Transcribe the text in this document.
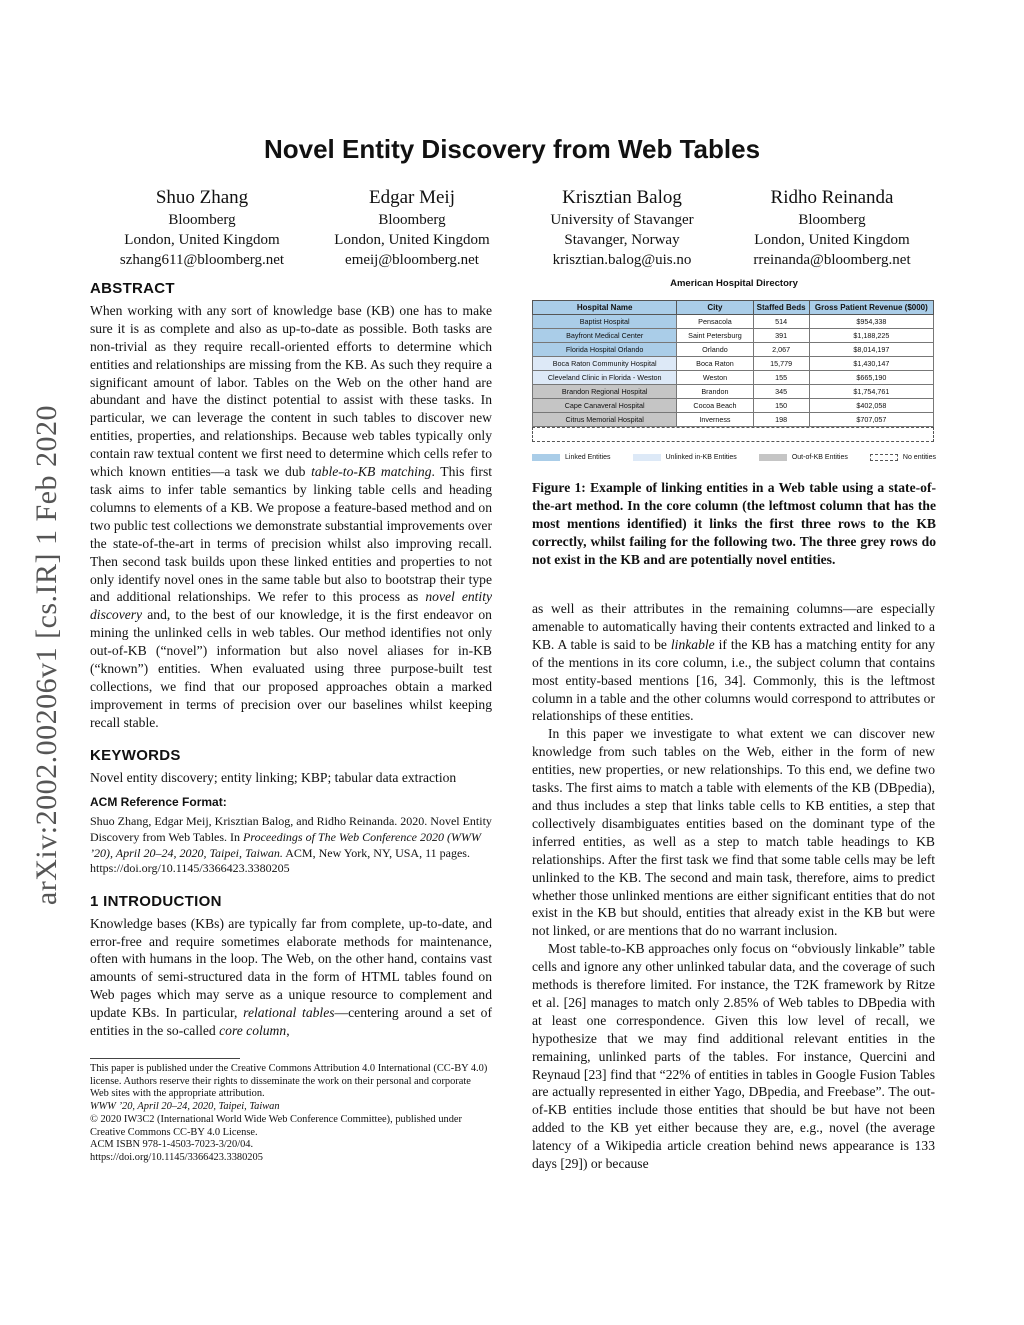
arXiv:2002.00206v1 [cs.IR] 1 Feb 2020
Novel Entity Discovery from Web Tables
Shuo Zhang
Bloomberg
London, United Kingdom
szhang611@bloomberg.net
Edgar Meij
Bloomberg
London, United Kingdom
emeij@bloomberg.net
Krisztian Balog
University of Stavanger
Stavanger, Norway
krisztian.balog@uis.no
Ridho Reinanda
Bloomberg
London, United Kingdom
rreinanda@bloomberg.net
ABSTRACT

When working with any sort of knowledge base (KB) one has to make sure it is as complete and also as up-to-date as possible. Both tasks are non-trivial as they require recall-oriented efforts to determine which entities and relationships are missing from the KB. As such they require a significant amount of labor. Tables on the Web on the other hand are abundant and have the distinct potential to assist with these tasks. In particular, we can leverage the content in such tables to discover new entities, properties, and relationships. Because web tables typically only contain raw textual content we first need to determine which cells refer to which known entities—a task we dub table-to-KB matching. This first task aims to infer table semantics by linking table cells and heading columns to elements of a KB. We propose a feature-based method and on two public test collections we demonstrate substantial improvements over the state-of-the-art in terms of precision whilst also improving recall. Then second task builds upon these linked entities and properties to not only identify novel ones in the same table but also to bootstrap their type and additional relationships. We refer to this process as novel entity discovery and, to the best of our knowledge, it is the first endeavor on mining the unlinked cells in web tables. Our method identifies not only out-of-KB (“novel”) information but also novel aliases for in-KB (“known”) entities. When evaluated using three purpose-built test collections, we find that our proposed approaches obtain a marked improvement in terms of precision over our baselines whilst keeping recall stable.

KEYWORDS

Novel entity discovery; entity linking; KBP; tabular data extraction

ACM Reference Format:

Shuo Zhang, Edgar Meij, Krisztian Balog, and Ridho Reinanda. 2020. Novel Entity Discovery from Web Tables. In Proceedings of The Web Conference 2020 (WWW ’20), April 20–24, 2020, Taipei, Taiwan. ACM, New York, NY, USA, 11 pages. https://doi.org/10.1145/3366423.3380205

1 INTRODUCTION

Knowledge bases (KBs) are typically far from complete, up-to-date, and error-free and require sometimes elaborate methods for maintenance, often with humans in the loop. The Web, on the other hand, contains vast amounts of semi-structured data in the form of HTML tables found on Web pages which may serve as a unique resource to complement and update KBs. In particular, relational tables—centering around a set of entities in the so-called core column,

This paper is published under the Creative Commons Attribution 4.0 International (CC-BY 4.0) license. Authors reserve their rights to disseminate the work on their personal and corporate Web sites with the appropriate attribution.
WWW ’20, April 20–24, 2020, Taipei, Taiwan
© 2020 IW3C2 (International World Wide Web Conference Committee), published under Creative Commons CC-BY 4.0 License.
ACM ISBN 978-1-4503-7023-3/20/04.
https://doi.org/10.1145/3366423.3380205
American Hospital Directory
Hospital Name	City	Staffed Beds	Gross Patient Revenue ($000)
Baptist Hospital	Pensacola	514	$954,338
Bayfront Medical Center	Saint Petersburg	391	$1,188,225
Florida Hospital Orlando	Orlando	2,067	$8,014,197
Boca Raton Community Hospital	Boca Raton	15,779	$1,430,147
Cleveland Clinic in Florida - Weston	Weston	155	$665,190
Brandon Regional Hospital	Brandon	345	$1,754,761
Cape Canaveral Hospital	Cocoa Beach	150	$402,058
Citrus Memorial Hospital	Inverness	198	$707,057
Linked Entities	Unlinked in-KB Entities	Out-of-KB Entities	No entities
Figure 1: Example of linking entities in a Web table using a state-of-the-art method. In the core column (the leftmost column that has the most mentions identified) it links the first three rows to the KB correctly, whilst failing for the following two. The three grey rows do not exist in the KB and are potentially novel entities.

as well as their attributes in the remaining columns—are especially amenable to automatically having their contents extracted and linked to a KB. A table is said to be linkable if the KB has a matching entity for any of the mentions in its core column, i.e., the subject column that contains most entity-based mentions [16, 34]. Commonly, this is the leftmost column in a table and the other columns would correspond to attributes or relationships of these entities.

In this paper we investigate to what extent we can discover new knowledge from such tables on the Web, either in the form of new entities, new properties, or new relationships. To this end, we define two tasks. The first aims to match a table with elements of the KB (DBpedia), and thus includes a step that links table cells to KB entities, a step that collectively disambiguates entities based on the dominant type of the inferred entities, as well as a step to match table headings to KB relationships. After the first task we find that some table cells may be left unlinked to the KB. The second and main task, therefore, aims to predict whether those unlinked mentions are either significant entities that do not exist in the KB but should, entities that already exist in the KB but were not linked, or are mentions that do no warrant inclusion.

Most table-to-KB approaches only focus on “obviously linkable” table cells and ignore any other unlinked tabular data, and the coverage of such methods is therefore limited. For instance, the T2K framework by Ritze et al. [26] manages to match only 2.85% of Web tables to DBpedia with at least one correspondence. Given this low level of recall, we hypothesize that we may find additional relevant entities in the remaining, unlinked parts of the tables. For instance, Quercini and Reynaud [23] find that “22% of entities in tables in Google Fusion Tables are actually represented in either Yago, DBpedia, and Freebase”. The out-of-KB entities include those entities that should be but have not been added to the KB yet either because they are, e.g., novel (the average latency of a Wikipedia article creation behind news appearance is 133 days [29]) or because
